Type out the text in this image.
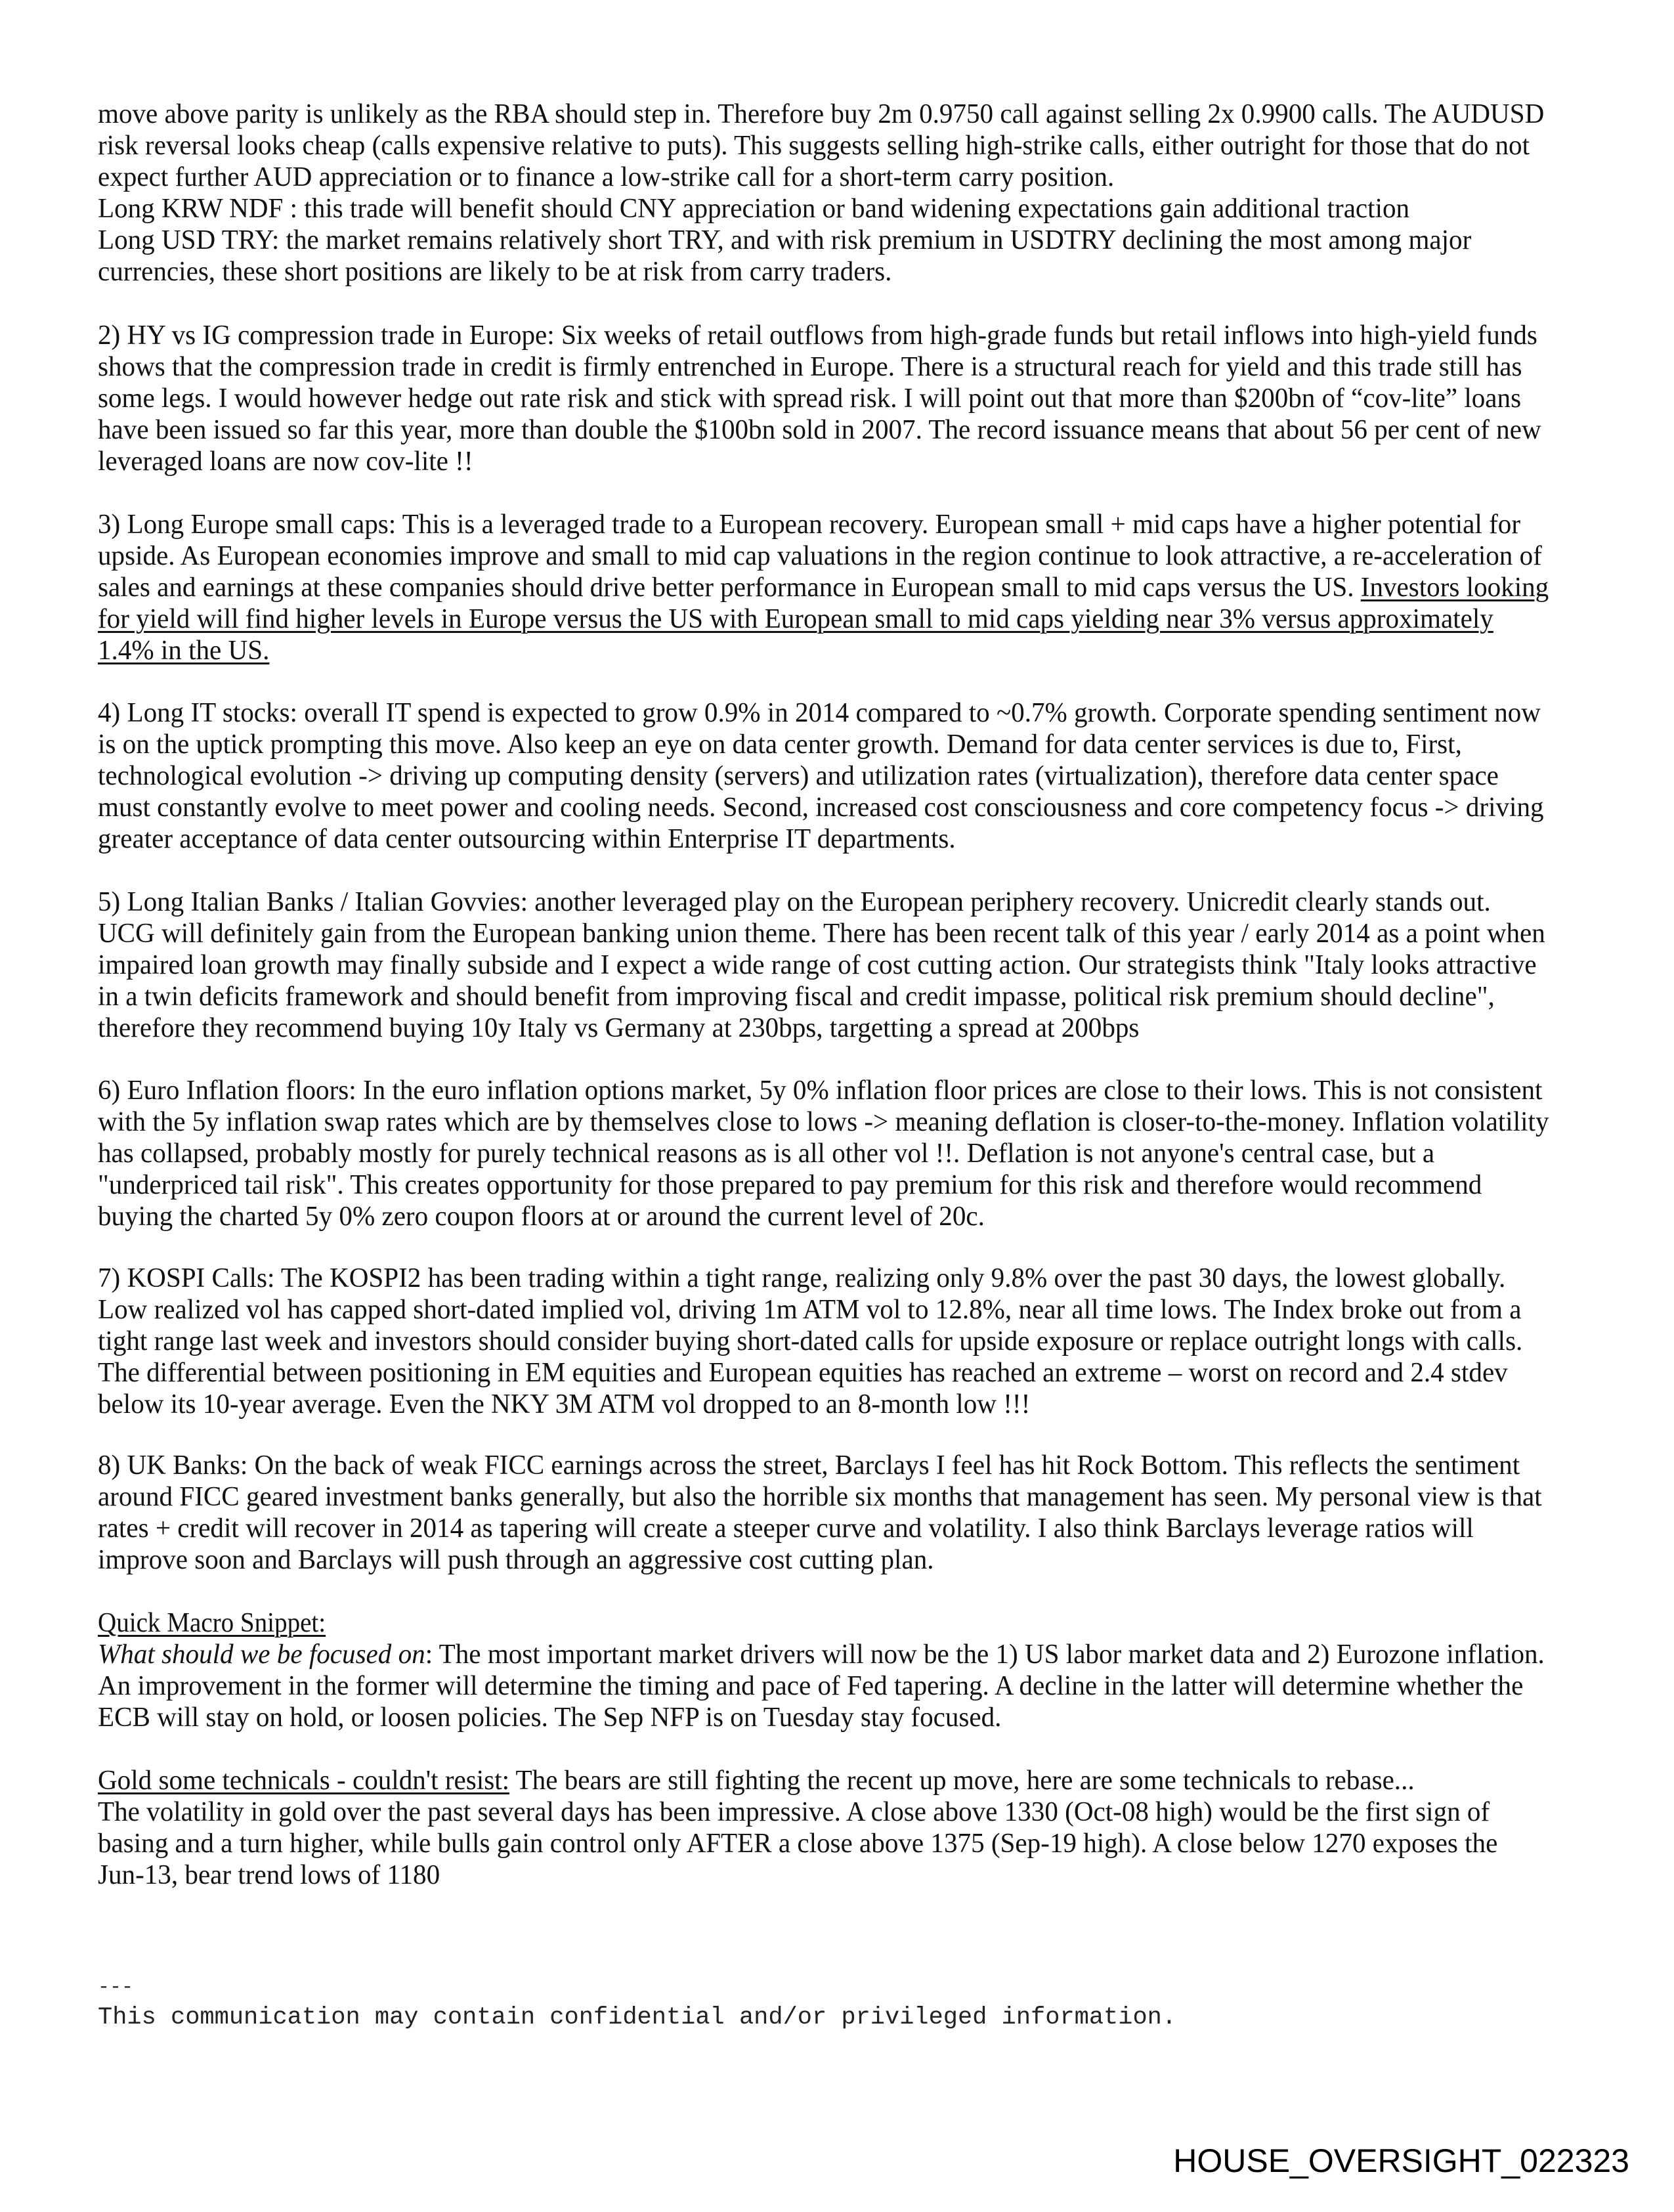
move above parity is unlikely as the RBA should step in. Therefore buy 2m 0.9750 call against selling 2x 0.9900 calls. The AUDUSD
risk reversal looks cheap (calls expensive relative to puts). This suggests selling high-strike calls, either outright for those that do not
expect further AUD appreciation or to finance a low-strike call for a short-term carry position.
Long KRW NDF : this trade will benefit should CNY appreciation or band widening expectations gain additional traction
Long USD TRY: the market remains relatively short TRY, and with risk premium in USDTRY declining the most among major
currencies, these short positions are likely to be at risk from carry traders.
2) HY vs IG compression trade in Europe: Six weeks of retail outflows from high-grade funds but retail inflows into high-yield funds
shows that the compression trade in credit is firmly entrenched in Europe. There is a structural reach for yield and this trade still has
some legs. I would however hedge out rate risk and stick with spread risk. I will point out that more than $200bn of “cov-lite” loans
have been issued so far this year, more than double the $100bn sold in 2007. The record issuance means that about 56 per cent of new
leveraged loans are now cov-lite !!
3) Long Europe small caps: This is a leveraged trade to a European recovery. European small + mid caps have a higher potential for
upside. As European economies improve and small to mid cap valuations in the region continue to look attractive, a re-acceleration of
sales and earnings at these companies should drive better performance in European small to mid caps versus the US. Investors looking
for yield will find higher levels in Europe versus the US with European small to mid caps yielding near 3% versus approximately
1.4% in the US.
4) Long IT stocks: overall IT spend is expected to grow 0.9% in 2014 compared to ~0.7% growth. Corporate spending sentiment now
is on the uptick prompting this move. Also keep an eye on data center growth. Demand for data center services is due to, First,
technological evolution -> driving up computing density (servers) and utilization rates (virtualization), therefore data center space
must constantly evolve to meet power and cooling needs. Second, increased cost consciousness and core competency focus -> driving
greater acceptance of data center outsourcing within Enterprise IT departments.
5) Long Italian Banks / Italian Govvies: another leveraged play on the European periphery recovery. Unicredit clearly stands out.
UCG will definitely gain from the European banking union theme. There has been recent talk of this year / early 2014 as a point when
impaired loan growth may finally subside and I expect a wide range of cost cutting action. Our strategists think "Italy looks attractive
in a twin deficits framework and should benefit from improving fiscal and credit impasse, political risk premium should decline",
therefore they recommend buying 10y Italy vs Germany at 230bps, targetting a spread at 200bps
6) Euro Inflation floors: In the euro inflation options market, 5y 0% inflation floor prices are close to their lows. This is not consistent
with the 5y inflation swap rates which are by themselves close to lows -> meaning deflation is closer-to-the-money. Inflation volatility
has collapsed, probably mostly for purely technical reasons as is all other vol !!. Deflation is not anyone's central case, but a
"underpriced tail risk". This creates opportunity for those prepared to pay premium for this risk and therefore would recommend
buying the charted 5y 0% zero coupon floors at or around the current level of 20c.
7) KOSPI Calls: The KOSPI2 has been trading within a tight range, realizing only 9.8% over the past 30 days, the lowest globally.
Low realized vol has capped short-dated implied vol, driving 1m ATM vol to 12.8%, near all time lows. The Index broke out from a
tight range last week and investors should consider buying short-dated calls for upside exposure or replace outright longs with calls.
The differential between positioning in EM equities and European equities has reached an extreme – worst on record and 2.4 stdev
below its 10-year average. Even the NKY 3M ATM vol dropped to an 8-month low !!!
8) UK Banks: On the back of weak FICC earnings across the street, Barclays I feel has hit Rock Bottom. This reflects the sentiment
around FICC geared investment banks generally, but also the horrible six months that management has seen. My personal view is that
rates + credit will recover in 2014 as tapering will create a steeper curve and volatility. I also think Barclays leverage ratios will
improve soon and Barclays will push through an aggressive cost cutting plan.
Quick Macro Snippet:
What should we be focused on: The most important market drivers will now be the 1) US labor market data and 2) Eurozone inflation.
An improvement in the former will determine the timing and pace of Fed tapering. A decline in the latter will determine whether the
ECB will stay on hold, or loosen policies. The Sep NFP is on Tuesday stay focused.
Gold some technicals - couldn't resist: The bears are still fighting the recent up move, here are some technicals to rebase...
The volatility in gold over the past several days has been impressive. A close above 1330 (Oct-08 high) would be the first sign of
basing and a turn higher, while bulls gain control only AFTER a close above 1375 (Sep-19 high). A close below 1270 exposes the
Jun-13, bear trend lows of 1180
---
This communication may contain confidential and/or privileged information.
HOUSE_OVERSIGHT_022323
